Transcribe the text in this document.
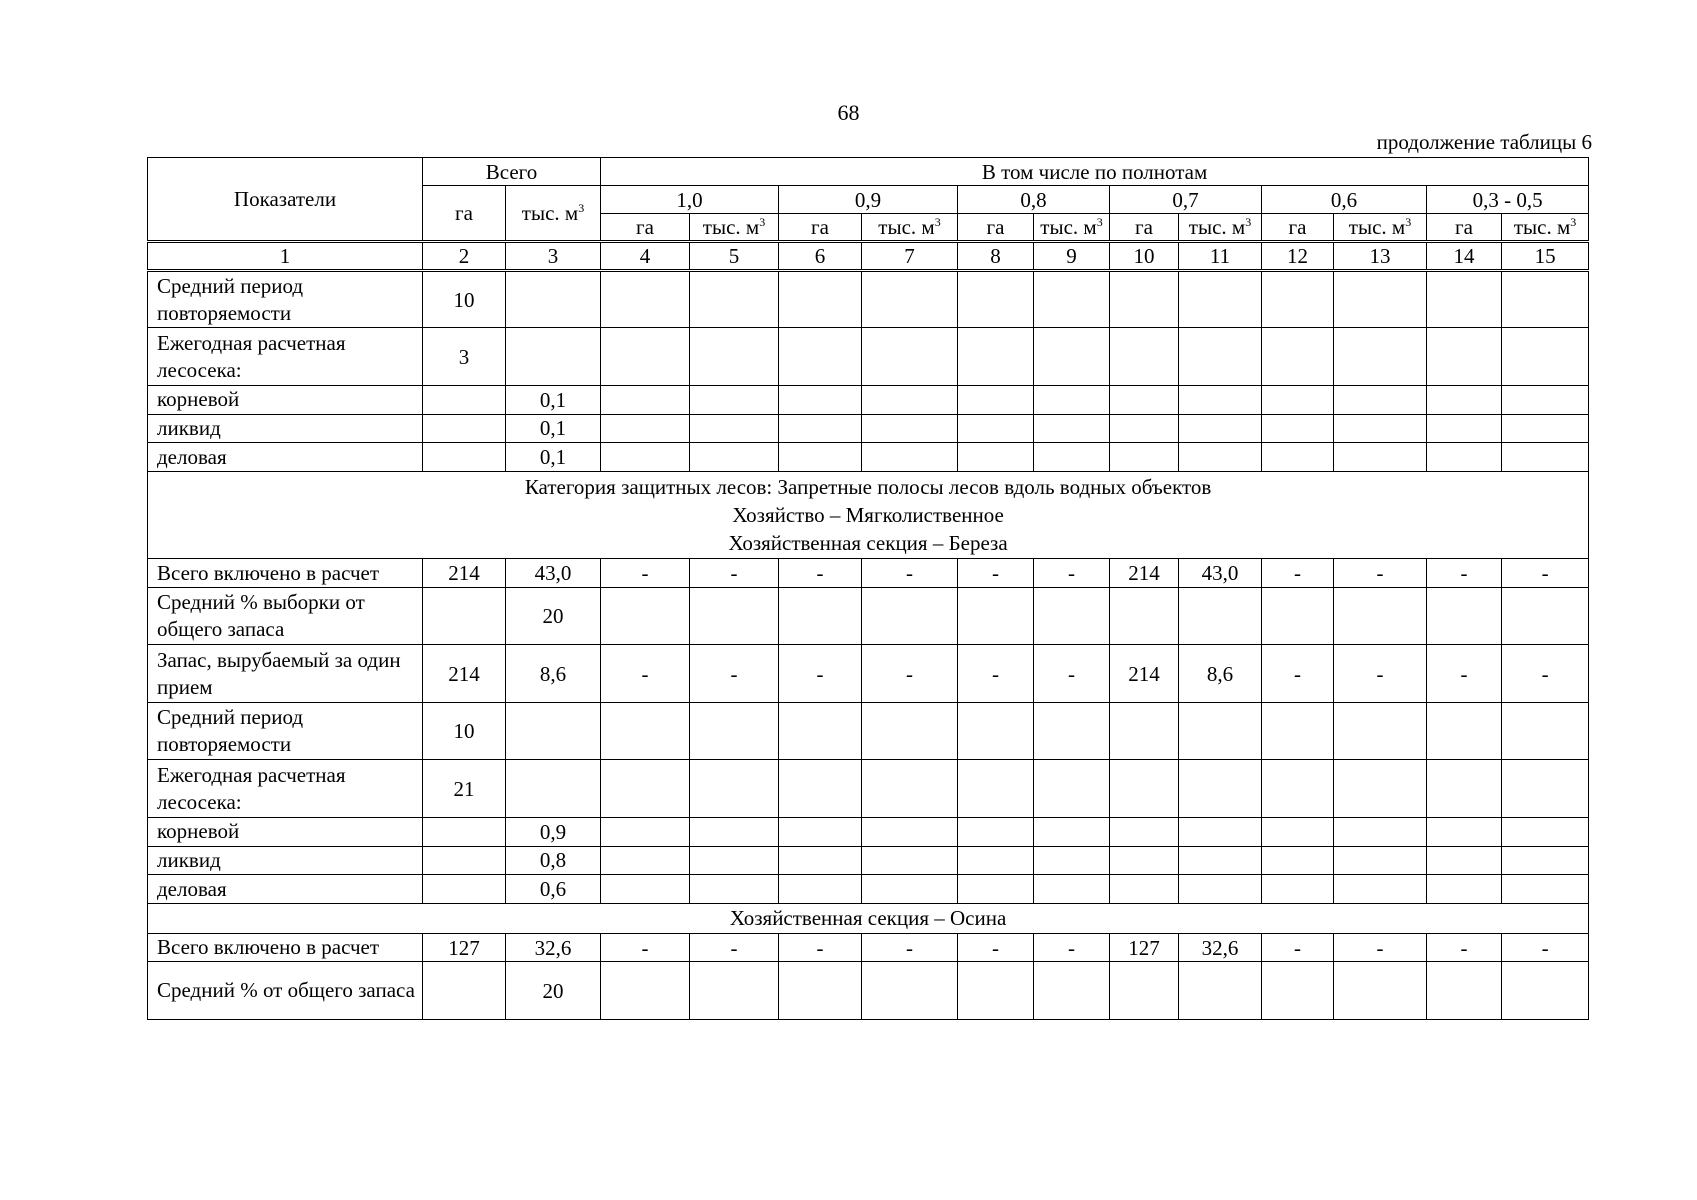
68
продолжение таблицы 6
Показатели	Всего		В том числе по полнотам											
	га	тыс. $м^3$	1,0		0,9		0,8		0,7		0,6		0,3 - 0,5	
			га	тыс. $м^3$	га	тыс. $м^3$	га	тыс. $м^3$	га	тыс. $м^3$	га	тыс. $м^3$	га	тыс. $м^3$
1	2	3	4	5	6	7	8	9	10	11	12	13	14	15
Средний период повторяемости	10													
Ежегодная расчетная лесосека:	3													
корневой		0,1												
ликвид		0,1												
деловая		0,1												

Категория защитных лесов: Запретные полосы лесов вдоль водных объектов
Хозяйство – Мягколиственное
Хозяйственная секция – Береза														

Всего включено в расчет	214	43,0	-	-	-	-	-	-	214	43,0	-	-	-	-
Средний % выборки от общего запаса		20												
Запас, вырубаемый за один прием	214	8,6	-	-	-	-	-	-	214	8,6	-	-	-	-
Средний период повторяемости	10													
Ежегодная расчетная лесосека:	21													
корневой		0,9												
ликвид		0,8												
деловая		0,6												

Хозяйственная секция – Осина														

Всего включено в расчет	127	32,6	-	-	-	-	-	-	127	32,6	-	-	-	-
Средний % от общего запаса		20												
